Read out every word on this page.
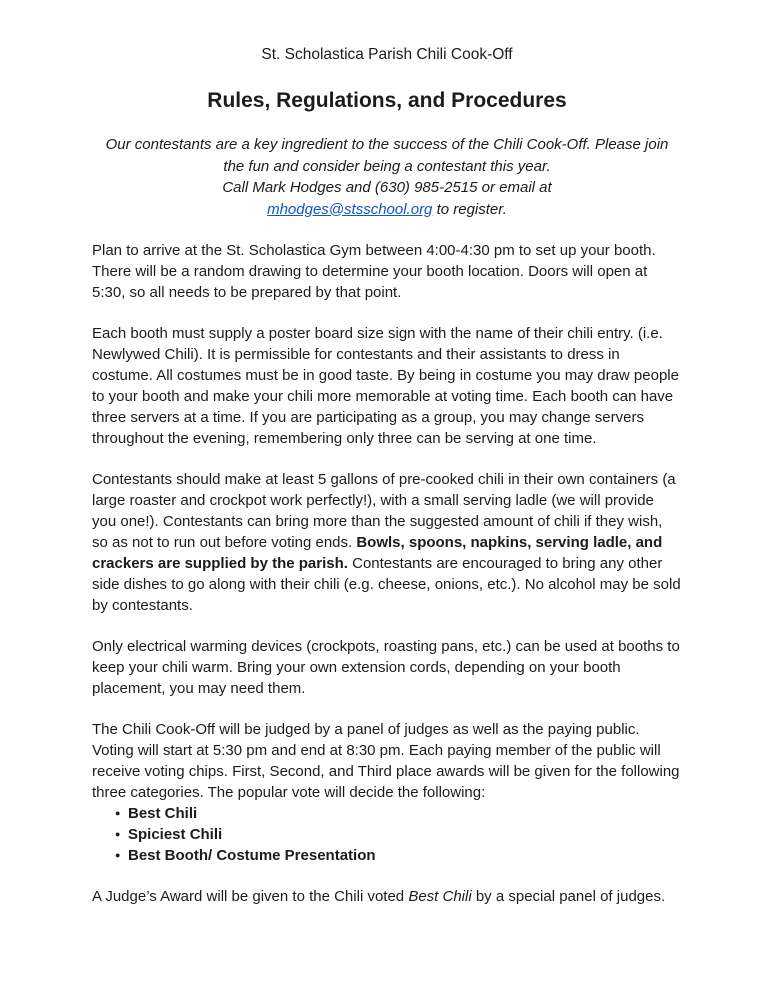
St. Scholastica Parish Chili Cook-Off

Rules, Regulations, and Procedures
Our contestants are a key ingredient to the success of the Chili Cook-Off. Please join
the fun and consider being a contestant this year.
Call Mark Hodges and (630) 985-2515 or email at
mhodges@stsschool.org to register.

Plan to arrive at the St. Scholastica Gym between 4:00-4:30 pm to set up your booth. There will be a random drawing to determine your booth location. Doors will open at 5:30, so all needs to be prepared by that point.

Each booth must supply a poster board size sign with the name of their chili entry. (i.e. Newlywed Chili). It is permissible for contestants and their assistants to dress in costume. All costumes must be in good taste. By being in costume you may draw people to your booth and make your chili more memorable at voting time. Each booth can have three servers at a time. If you are participating as a group, you may change servers throughout the evening, remembering only three can be serving at one time.

Contestants should make at least 5 gallons of pre-cooked chili in their own containers (a large roaster and crockpot work perfectly!), with a small serving ladle (we will provide you one!). Contestants can bring more than the suggested amount of chili if they wish, so as not to run out before voting ends. Bowls, spoons, napkins, serving ladle, and crackers are supplied by the parish. Contestants are encouraged to bring any other side dishes to go along with their chili (e.g. cheese, onions, etc.). No alcohol may be sold by contestants.

Only electrical warming devices (crockpots, roasting pans, etc.) can be used at booths to keep your chili warm. Bring your own extension cords, depending on your booth placement, you may need them.

The Chili Cook-Off will be judged by a panel of judges as well as the paying public. Voting will start at 5:30 pm and end at 8:30 pm. Each paying member of the public will receive voting chips. First, Second, and Third place awards will be given for the following three categories. The popular vote will decide the following:

● Best Chili
● Spiciest Chili
● Best Booth/ Costume Presentation

A Judge’s Award will be given to the Chili voted Best Chili by a special panel of judges.
